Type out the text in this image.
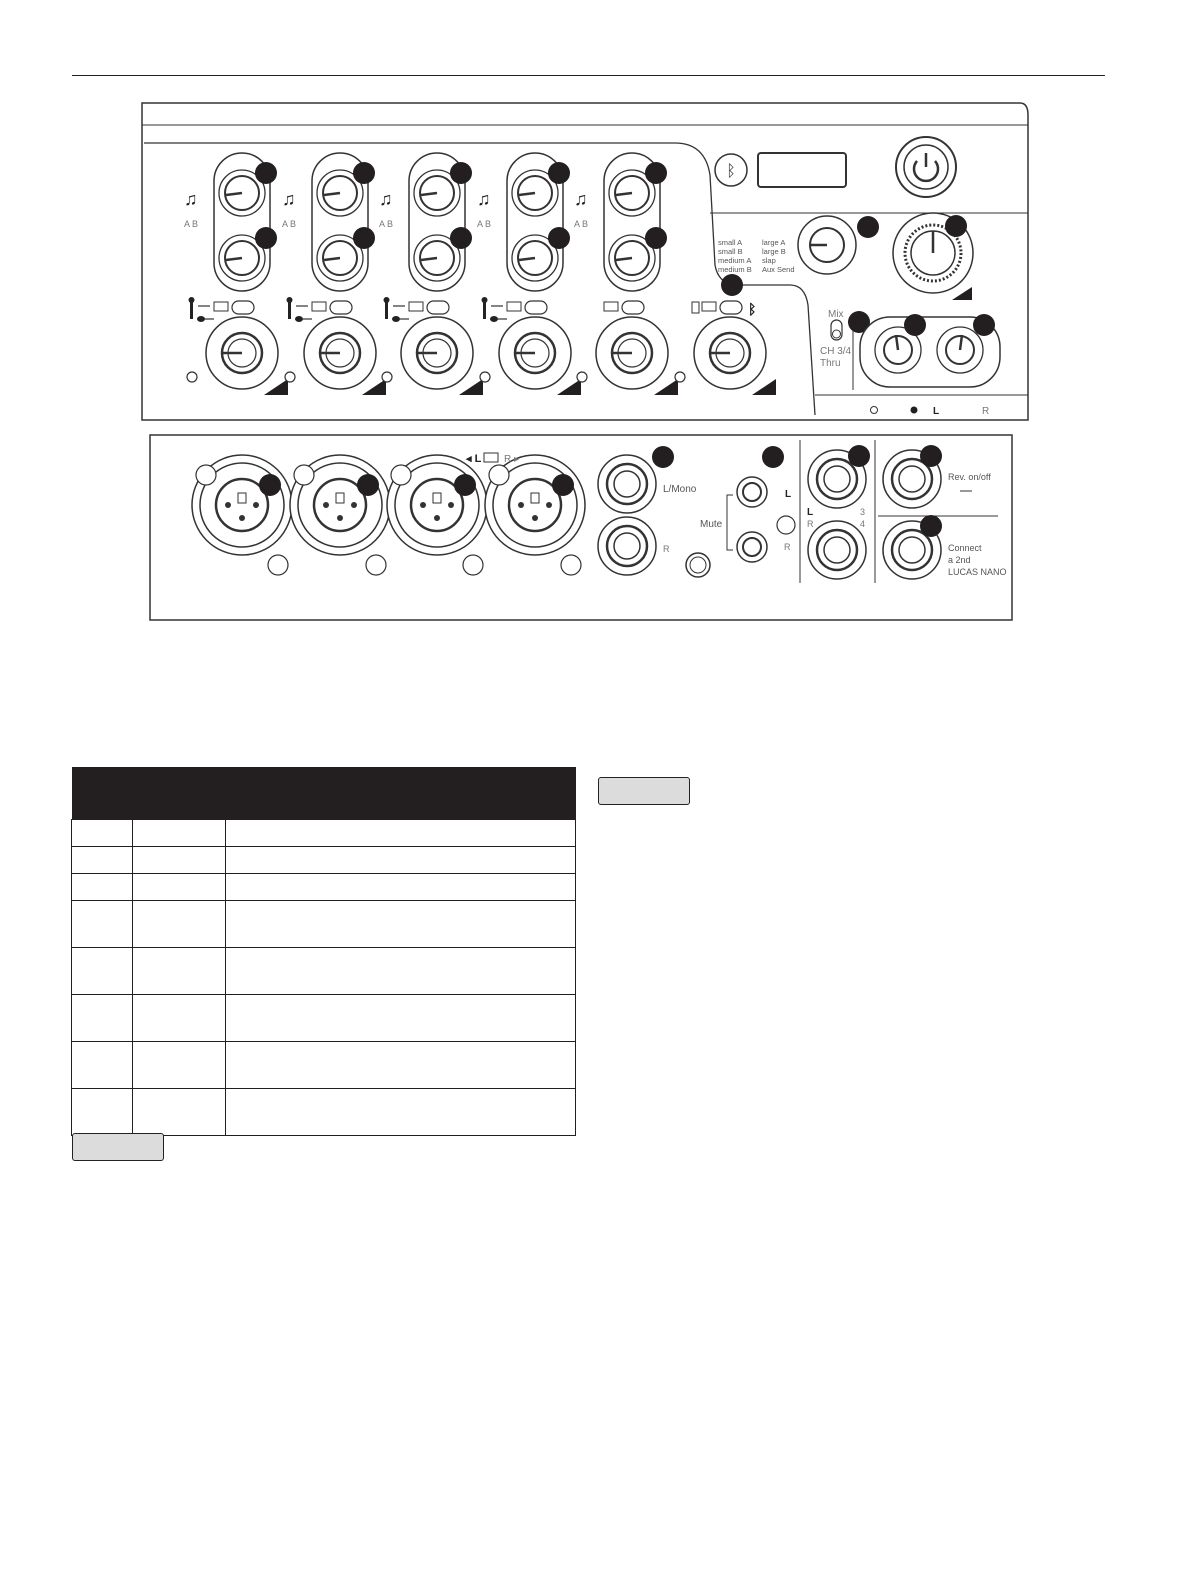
♫
A B
♫
A B
♫
A B
♫
A B
♫
A B
ᛒ
◂ L R ▸
ᛒ
small A
small B
medium A
medium B
large A
large B
slap
Aux Send
Mix
CH 3/4
Thru
L	R
L/Mono
R
L
R
Mute
L	3
R	4
Rev. on/off
Connect
a 2nd
LUCAS NANO
